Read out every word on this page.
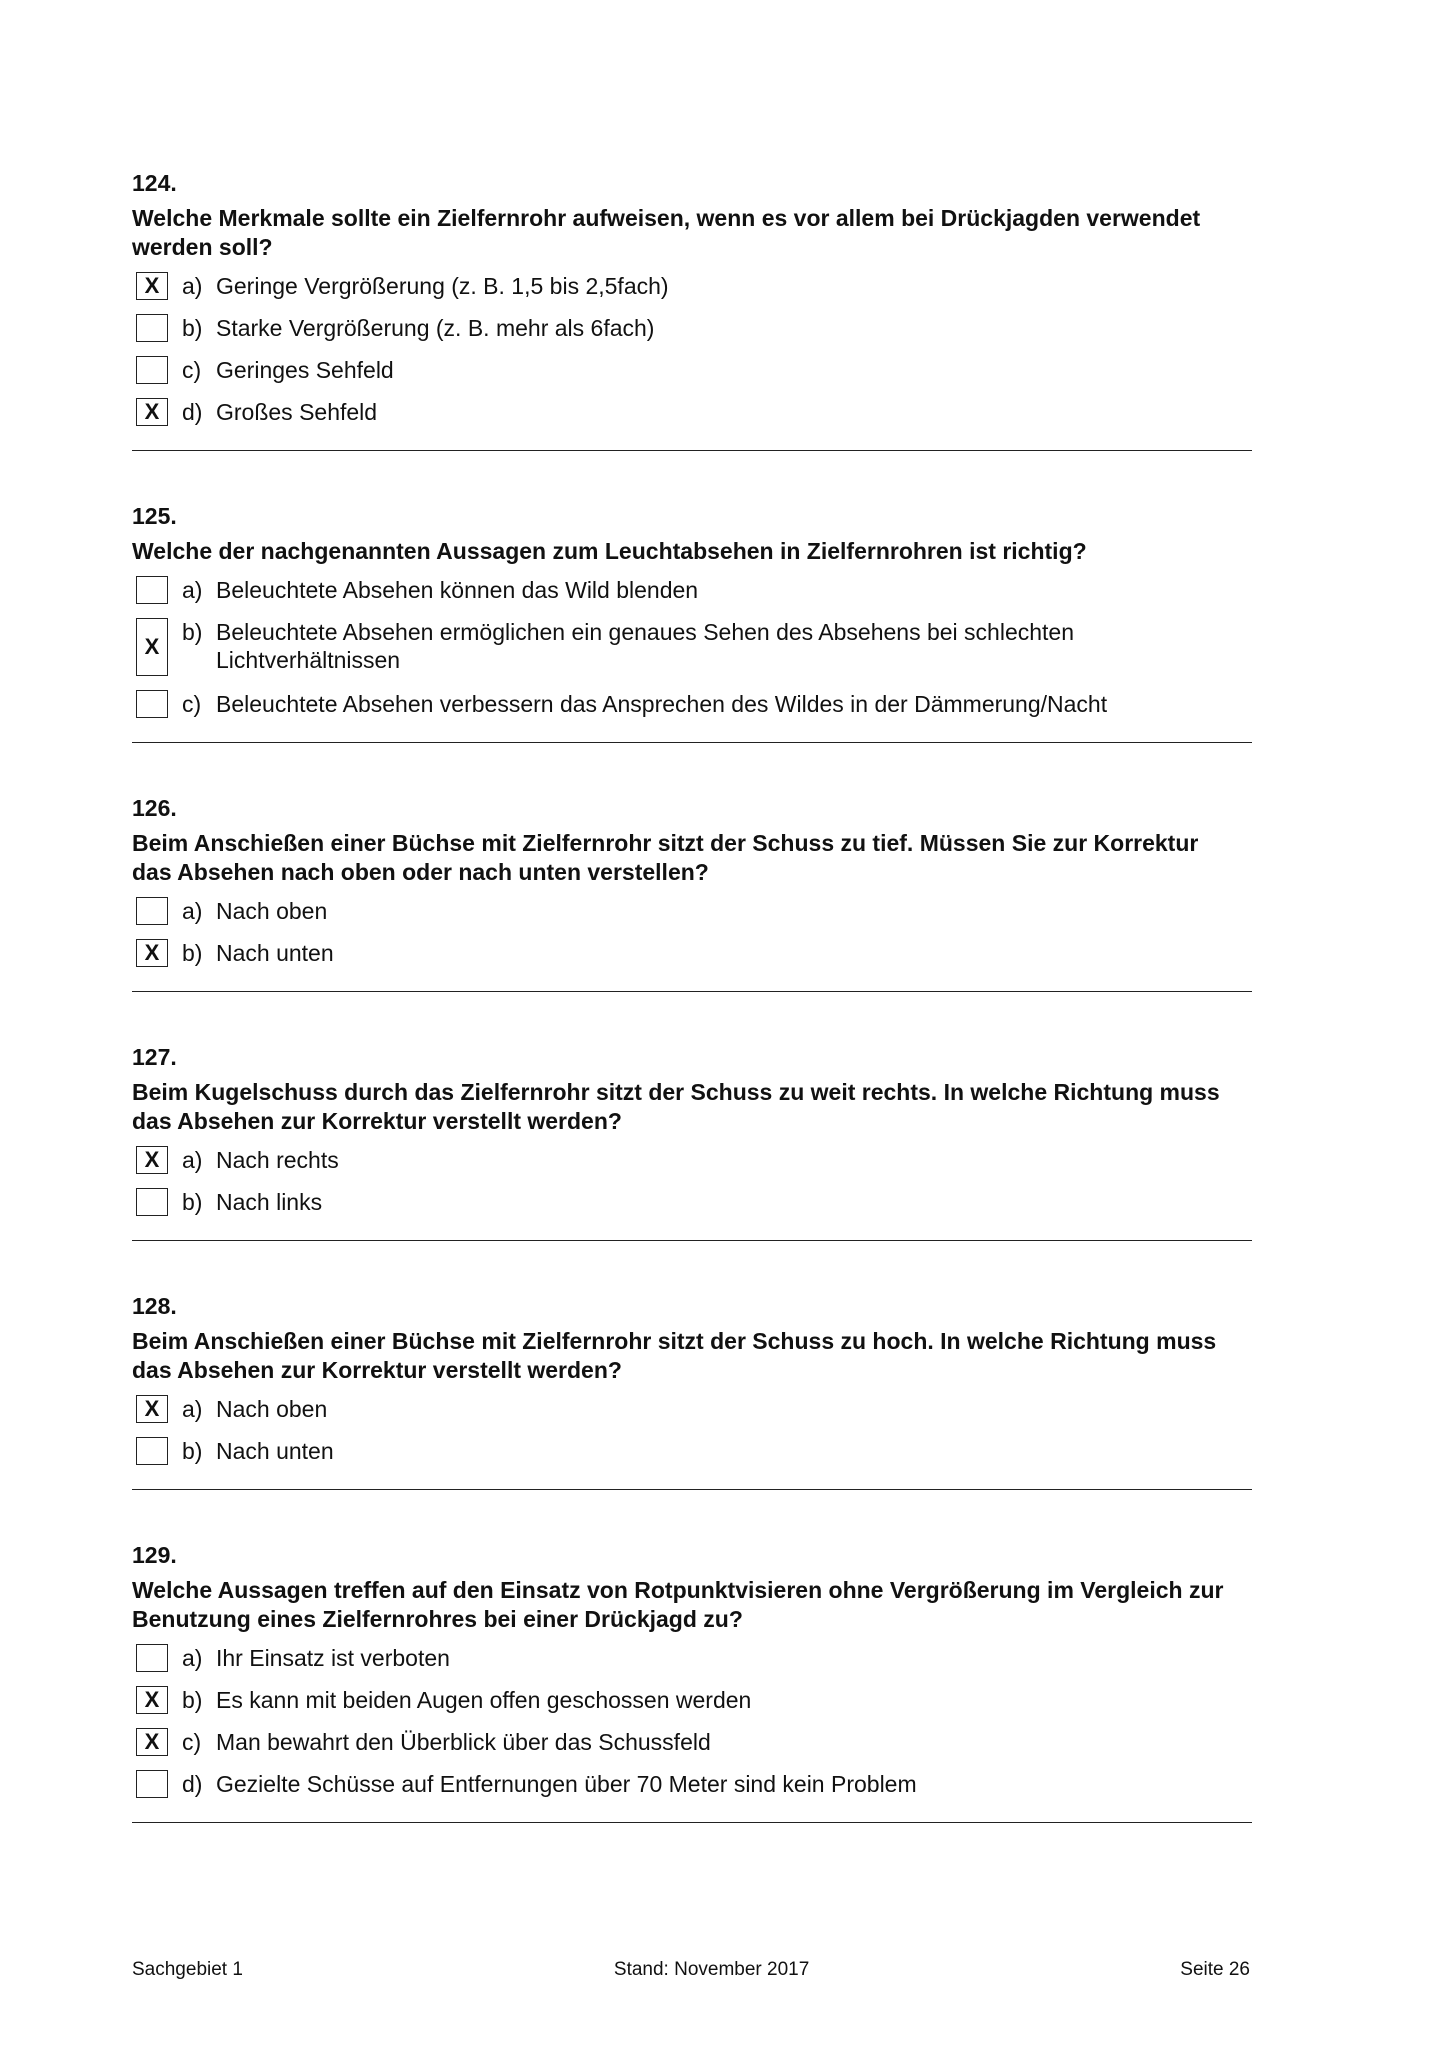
124.
Welche Merkmale sollte ein Zielfernrohr aufweisen, wenn es vor allem bei Drückjagden verwendet werden soll?
X a) Geringe Vergrößerung (z. B. 1,5 bis 2,5fach)
b) Starke Vergrößerung (z. B. mehr als 6fach)
c) Geringes Sehfeld
X d) Großes Sehfeld
125.
Welche der nachgenannten Aussagen zum Leuchtabsehen in Zielfernrohren ist richtig?
a) Beleuchtete Absehen können das Wild blenden
X
b) Beleuchtete Absehen ermöglichen ein genaues Sehen des Absehens bei schlechten Lichtverhältnissen
c) Beleuchtete Absehen verbessern das Ansprechen des Wildes in der Dämmerung/Nacht
126.
Beim Anschießen einer Büchse mit Zielfernrohr sitzt der Schuss zu tief. Müssen Sie zur Korrektur das Absehen nach oben oder nach unten verstellen?
a) Nach oben
X b) Nach unten
127.
Beim Kugelschuss durch das Zielfernrohr sitzt der Schuss zu weit rechts. In welche Richtung muss das Absehen zur Korrektur verstellt werden?
X a) Nach rechts
b) Nach links
128.
Beim Anschießen einer Büchse mit Zielfernrohr sitzt der Schuss zu hoch. In welche Richtung muss das Absehen zur Korrektur verstellt werden?
X a) Nach oben
b) Nach unten
129.
Welche Aussagen treffen auf den Einsatz von Rotpunktvisieren ohne Vergrößerung im Vergleich zur Benutzung eines Zielfernrohres bei einer Drückjagd zu?
a) Ihr Einsatz ist verboten
X b) Es kann mit beiden Augen offen geschossen werden
X c) Man bewahrt den Überblick über das Schussfeld
d) Gezielte Schüsse auf Entfernungen über 70 Meter sind kein Problem
Sachgebiet 1	Stand: November 2017	Seite 26
